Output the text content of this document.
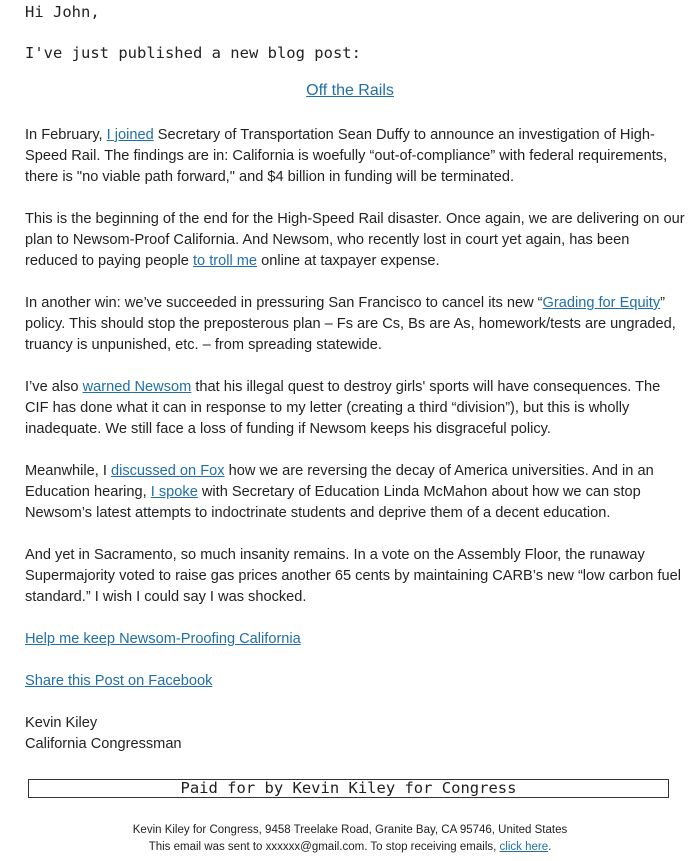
Hi John,
I've just published a new blog post:
Off the Rails

In February, I joined Secretary of Transportation Sean Duffy to announce an investigation of High-Speed Rail. The findings are in: California is woefully “out-of-compliance” with federal requirements, there is "no viable path forward," and $4 billion in funding will be terminated.

This is the beginning of the end for the High-Speed Rail disaster. Once again, we are delivering on our plan to Newsom-Proof California. And Newsom, who recently lost in court yet again, has been reduced to paying people to troll me online at taxpayer expense.

In another win: we’ve succeeded in pressuring San Francisco to cancel its new “Grading for Equity” policy. This should stop the preposterous plan – Fs are Cs, Bs are As, homework/tests are ungraded, truancy is unpunished, etc. – from spreading statewide.

I’ve also warned Newsom that his illegal quest to destroy girls' sports will have consequences. The CIF has done what it can in response to my letter (creating a third “division”), but this is wholly inadequate. We still face a loss of funding if Newsom keeps his disgraceful policy.

Meanwhile, I discussed on Fox how we are reversing the decay of America universities. And in an Education hearing, I spoke with Secretary of Education Linda McMahon about how we can stop Newsom’s latest attempts to indoctrinate students and deprive them of a decent education.

And yet in Sacramento, so much insanity remains. In a vote on the Assembly Floor, the runaway Supermajority voted to raise gas prices another 65 cents by maintaining CARB’s new “low carbon fuel standard.” I wish I could say I was shocked.

Help me keep Newsom-Proofing California

Share this Post on Facebook

Kevin Kiley
California Congressman
Paid for by Kevin Kiley for Congress
Kevin Kiley for Congress, 9458 Treelake Road, Granite Bay, CA 95746, United States
This email was sent to xxxxxx@gmail.com. To stop receiving emails, click here.
